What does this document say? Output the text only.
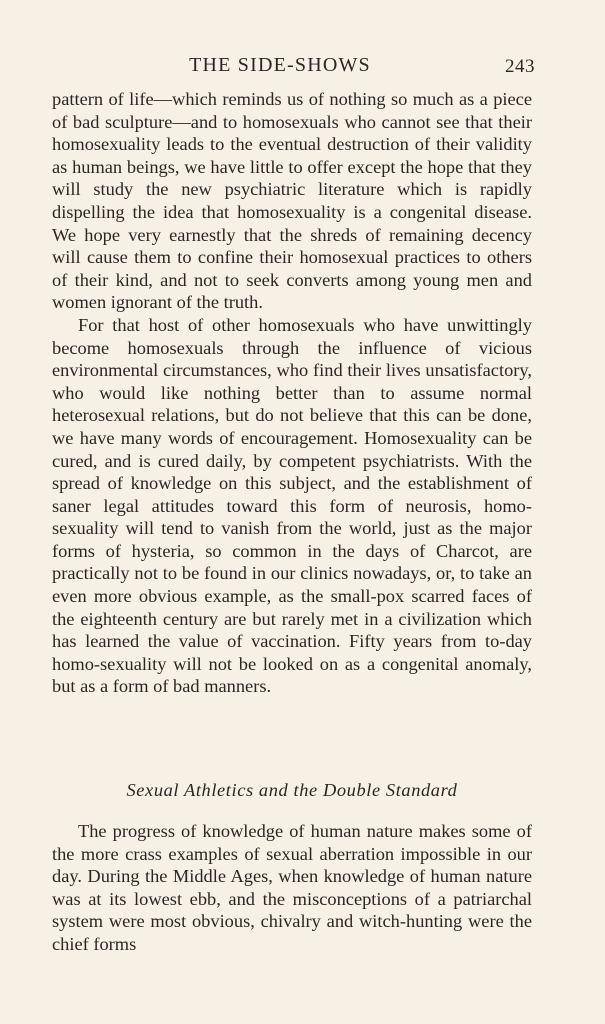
THE SIDE-SHOWS	243

pattern of life—which reminds us of nothing so much as a piece of bad sculpture—and to homosexuals who cannot see that their homosexuality leads to the eventual destruction of their validity as human beings, we have little to offer except the hope that they will study the new psychiatric literature which is rapidly dispelling the idea that homosexuality is a congenital disease. We hope very earnestly that the shreds of remaining decency will cause them to confine their homosexual practices to others of their kind, and not to seek converts among young men and women ignorant of the truth.

For that host of other homosexuals who have unwittingly become homosexuals through the influence of vicious environmental circumstances, who find their lives unsatisfactory, who would like nothing better than to assume normal heterosexual relations, but do not believe that this can be done, we have many words of encouragement. Homosexuality can be cured, and is cured daily, by competent psychiatrists. With the spread of knowledge on this subject, and the establishment of saner legal attitudes toward this form of neurosis, homo-sexuality will tend to vanish from the world, just as the major forms of hysteria, so common in the days of Charcot, are practically not to be found in our clinics nowadays, or, to take an even more obvious example, as the small-pox scarred faces of the eighteenth century are but rarely met in a civilization which has learned the value of vaccination. Fifty years from to-day homo-sexuality will not be looked on as a congenital anomaly, but as a form of bad manners.

Sexual Athletics and the Double Standard

The progress of knowledge of human nature makes some of the more crass examples of sexual aberration impossible in our day. During the Middle Ages, when knowledge of human nature was at its lowest ebb, and the misconceptions of a patriarchal system were most obvious, chivalry and witch-hunting were the chief forms
